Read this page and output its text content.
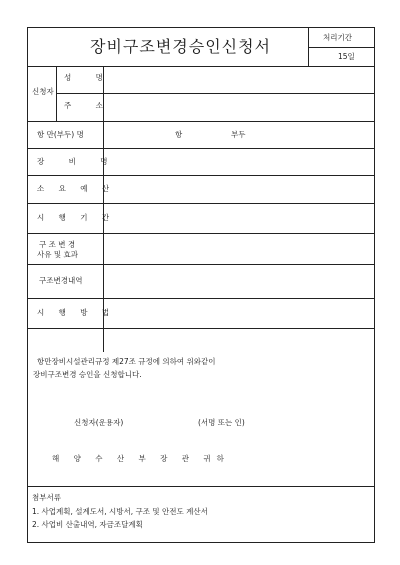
장비구조변경승인신청서	처리기간
15일
신청자
성 명
주 소
항 만(부두) 명	항	부두
장 비 명
소 요 예 산
시 행 기 간
구 조 변 경
사유 및 효과
구조변경내역
시 행 방 법
항만장비시설관리규정 제27조 규정에 의하여 위와같이
장비구조변경 승인을 신청합니다.
신청자(운용자)	(서명 또는 인)
해 양 수 산 부 장 관 귀하
첨부서류
1. 사업계획, 설계도서, 시방서, 구조 및 안전도 계산서
2. 사업비 산출내역, 자금조달계획
